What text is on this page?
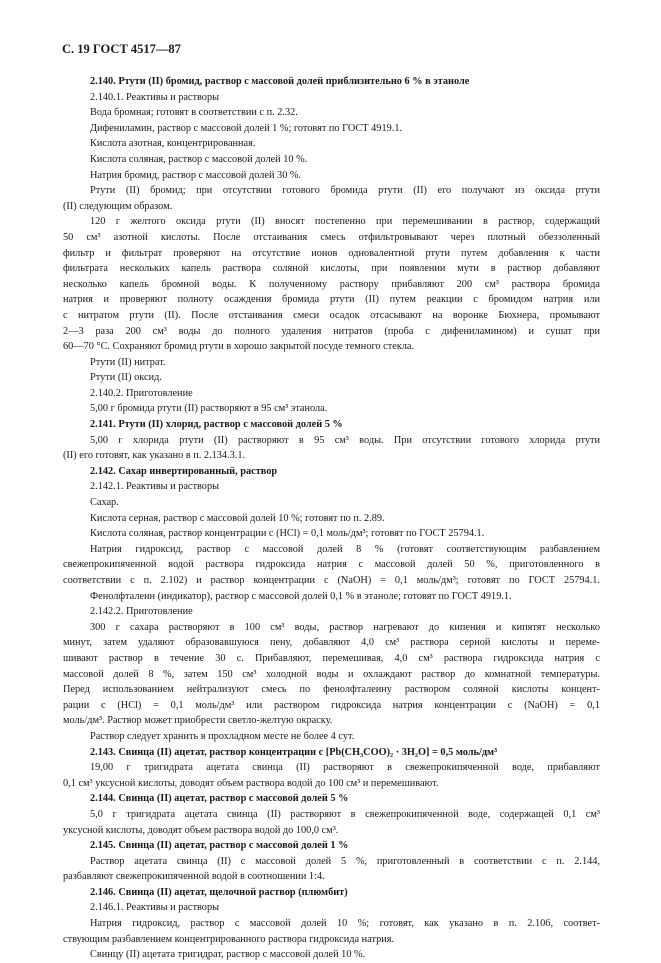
С. 19 ГОСТ 4517—87
2.140. Ртути (II) бромид, раствор с массовой долей приблизительно 6 % в этаноле
2.140.1. Реактивы и растворы
Вода бромная; готовят в соответствии с п. 2.32.
Дифениламин, раствор с массовой долей 1 %; готовят по ГОСТ 4919.1.
Кислота азотная, концентрированная.
Кислота соляная, раствор с массовой долей 10 %.
Натрия бромид, раствор с массовой долей 30 %.
Ртути (II) бромид; при отсутствии готового бромида ртути (II) его получают из оксида ртути
(II) следующим образом.
120 г желтого оксида ртути (II) вносят постепенно при перемешивании в раствор, содержащий
50 см³ азотной кислоты. После отстаивания смесь отфильтровывают через плотный обеззоленный
фильтр и фильтрат проверяют на отсутствие ионов одновалентной ртути путем добавления к части
фильтрата нескольких капель раствора соляной кислоты, при появлении мути в раствор добавляют
несколько капель бромной воды. К полученному раствору прибавляют 200 см³ раствора бромида
натрия и проверяют полноту осаждения бромида ртути (II) путем реакции с бромидом натрия или
с нитратом ртути (II). После отстаивания смеси осадок отсасывают на воронке Бюхнера, промывают
2—3 раза 200 см³ воды до полного удаления нитратов (проба с дифениламином) и сушат при
60—70 °С. Сохраняют бромид ртути в хорошо закрытой посуде темного стекла.
Ртути (II) нитрат.
Ртути (II) оксид.
2.140.2. Приготовление
5,00 г бромида ртути (II) растворяют в 95 см³ этанола.
2.141. Ртути (II) хлорид, раствор с массовой долей 5 %
5,00 г хлорида ртути (II) растворяют в 95 см³ воды. При отсутствии готового хлорида ртути
(II) его готовят, как указано в п. 2.134.3.1.
2.142. Сахар инвертированный, раствор
2.142.1. Реактивы и растворы
Сахар.
Кислота серная, раствор с массовой долей 10 %; готовят по п. 2.89.
Кислота соляная, раствор концентрации с (HCl) = 0,1 моль/дм³; готовят по ГОСТ 25794.1.
Натрия гидроксид, раствор с массовой долей 8 % (готовят соответствующим разбавлением
свежепрокипяченной водой раствора гидроксида натрия с массовой долей 50 %, приготовленного в
соответствии с п. 2.102) и раствор концентрации с (NaOH) = 0,1 моль/дм³; готовят по ГОСТ 25794.1.
Фенолфталеин (индикатор), раствор с массовой долей 0,1 % в этаноле; готовят по ГОСТ 4919.1.
2.142.2. Приготовление
300 г сахара растворяют в 100 см³ воды, раствор нагревают до кипения и кипятят несколько
минут, затем удаляют образовавшуюся пену, добавляют 4,0 см³ раствора серной кислоты и переме-
шивают раствор в течение 30 с. Прибавляют, перемешивая, 4,0 см³ раствора гидроксида натрия с
массовой долей 8 %, затем 150 см³ холодной воды и охлаждают раствор до комнатной температуры.
Перед использованием нейтрализуют смесь по фенолфталеину раствором соляной кислоты концент-
рации с (HCl) = 0,1 моль/дм³ или раствором гидроксида натрия концентрации с (NaOH) = 0,1
моль/дм³. Раствор может приобрести светло-желтую окраску.
Раствор следует хранить в прохладном месте не более 4 сут.
2.143. Свинца (II) ацетат, раствор концентрации с [Pb(CH₃COO)₂ · 3H₂O] = 0,5 моль/дм³
19,00 г тригидрата ацетата свинца (II) растворяют в свежепрокипяченной воде, прибавляют
0,1 см³ уксусной кислоты, доводят объем раствора водой до 100 см³ и перемешивают.
2.144. Свинца (II) ацетат, раствор с массовой долей 5 %
5,0 г тригидрата ацетата свинца (II) растворяют в свежепрокипяченной воде, содержащей 0,1 см³
уксусной кислоты, доводят объем раствора водой до 100,0 см³.
2.145. Свинца (II) ацетат, раствор с массовой долей 1 %
Раствор ацетата свинца (II) с массовой долей 5 %, приготовленный в соответствии с п. 2.144,
разбавляют свежепрокипяченной водой в соотношении 1:4.
2.146. Свинца (II) ацетат, щелочной раствор (плюмбит)
2.146.1. Реактивы и растворы
Натрия гидроксид, раствор с массовой долей 10 %; готовят, как указано в п. 2.106, соответ-
ствующим разбавлением концентрированного раствора гидроксида натрия.
Свинцу (II) ацетата тригидрат, раствор с массовой долей 10 %.
